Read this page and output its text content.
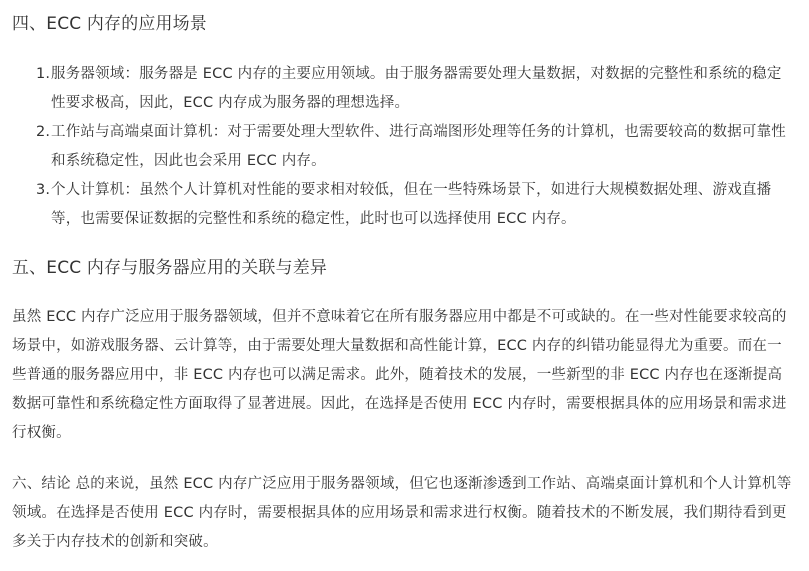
四、ECC 内存的应用场景
1. 服务器领域：服务器是 ECC 内存的主要应用领域。由于服务器需要处理大量数据，对数据的完整性和系统的稳定性要求极高，因此，ECC 内存成为服务器的理想选择。
2. 工作站与高端桌面计算机：对于需要处理大型软件、进行高端图形处理等任务的计算机，也需要较高的数据可靠性和系统稳定性，因此也会采用 ECC 内存。
3. 个人计算机：虽然个人计算机对性能的要求相对较低，但在一些特殊场景下，如进行大规模数据处理、游戏直播等，也需要保证数据的完整性和系统的稳定性，此时也可以选择使用 ECC 内存。
五、ECC 内存与服务器应用的关联与差异

虽然 ECC 内存广泛应用于服务器领域，但并不意味着它在所有服务器应用中都是不可或缺的。在一些对性能要求较高的场景中，如游戏服务器、云计算等，由于需要处理大量数据和高性能计算，ECC 内存的纠错功能显得尤为重要。而在一些普通的服务器应用中，非 ECC 内存也可以满足需求。此外，随着技术的发展，一些新型的非 ECC 内存也在逐渐提高数据可靠性和系统稳定性方面取得了显著进展。因此，在选择是否使用 ECC 内存时，需要根据具体的应用场景和需求进行权衡。

六、结论 总的来说，虽然 ECC 内存广泛应用于服务器领域，但它也逐渐渗透到工作站、高端桌面计算机和个人计算机等领域。在选择是否使用 ECC 内存时，需要根据具体的应用场景和需求进行权衡。随着技术的不断发展，我们期待看到更多关于内存技术的创新和突破。
